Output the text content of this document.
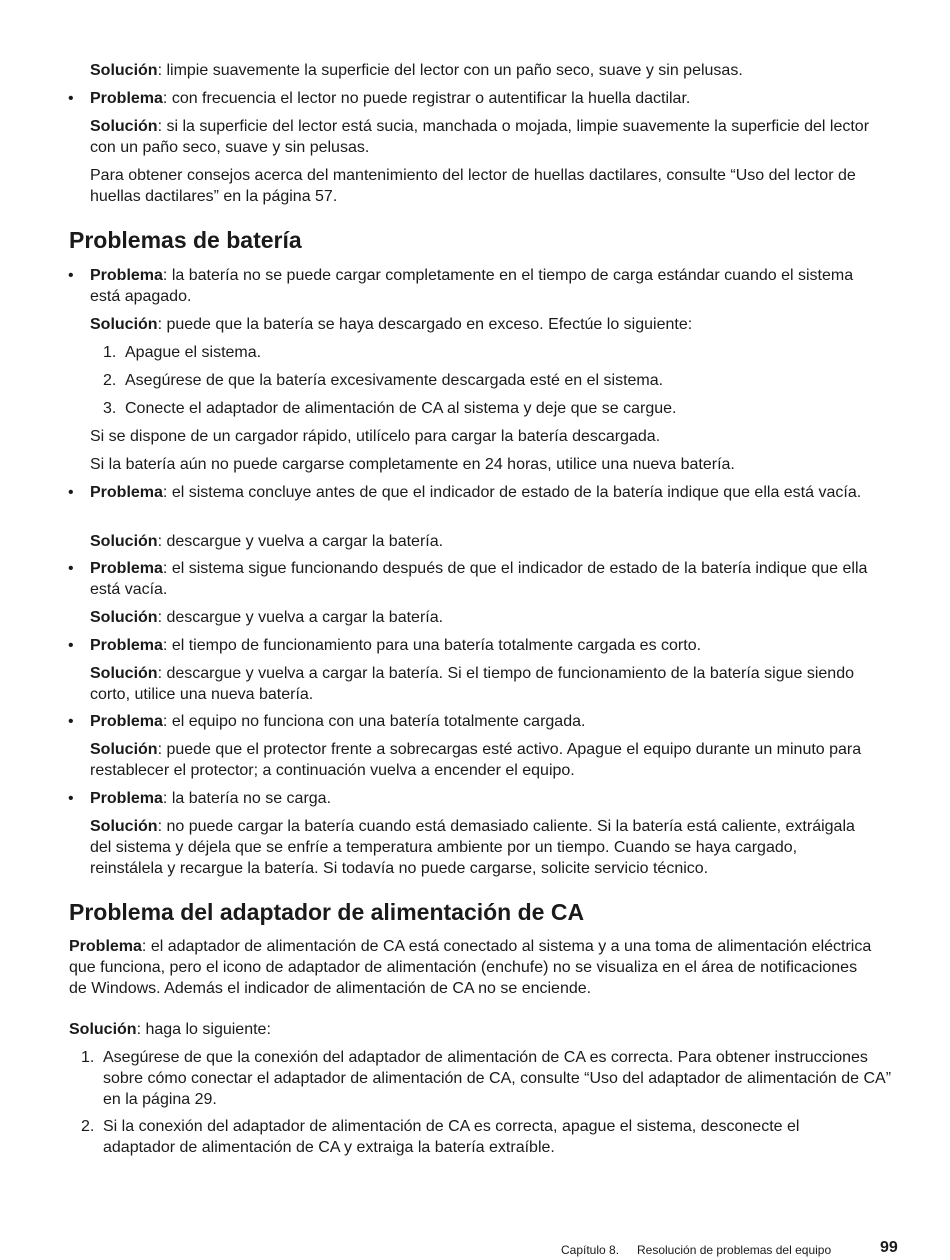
Solución: limpie suavemente la superficie del lector con un paño seco, suave y sin pelusas.

• Problema: con frecuencia el lector no puede registrar o autentificar la huella dactilar.

Solución: si la superficie del lector está sucia, manchada o mojada, limpie suavemente la superficie del lector con un paño seco, suave y sin pelusas.

Para obtener consejos acerca del mantenimiento del lector de huellas dactilares, consulte “Uso del lector de huellas dactilares” en la página 57.

Problemas de batería
• Problema: la batería no se puede cargar completamente en el tiempo de carga estándar cuando el sistema está apagado.

Solución: puede que la batería se haya descargado en exceso. Efectúe lo siguiente:

1. Apague el sistema.

2. Asegúrese de que la batería excesivamente descargada esté en el sistema.

3. Conecte el adaptador de alimentación de CA al sistema y deje que se cargue.

Si se dispone de un cargador rápido, utilícelo para cargar la batería descargada.

Si la batería aún no puede cargarse completamente en 24 horas, utilice una nueva batería.

• Problema: el sistema concluye antes de que el indicador de estado de la batería indique que ella está vacía.

Solución: descargue y vuelva a cargar la batería.

• Problema: el sistema sigue funcionando después de que el indicador de estado de la batería indique que ella está vacía.

Solución: descargue y vuelva a cargar la batería.

• Problema: el tiempo de funcionamiento para una batería totalmente cargada es corto.

Solución: descargue y vuelva a cargar la batería. Si el tiempo de funcionamiento de la batería sigue siendo corto, utilice una nueva batería.

• Problema: el equipo no funciona con una batería totalmente cargada.

Solución: puede que el protector frente a sobrecargas esté activo. Apague el equipo durante un minuto para restablecer el protector; a continuación vuelva a encender el equipo.

• Problema: la batería no se carga.

Solución: no puede cargar la batería cuando está demasiado caliente. Si la batería está caliente, extráigala del sistema y déjela que se enfríe a temperatura ambiente por un tiempo. Cuando se haya cargado, reinstálela y recargue la batería. Si todavía no puede cargarse, solicite servicio técnico.

Problema del adaptador de alimentación de CA

Problema: el adaptador de alimentación de CA está conectado al sistema y a una toma de alimentación eléctrica que funciona, pero el icono de adaptador de alimentación (enchufe) no se visualiza en el área de notificaciones de Windows. Además el indicador de alimentación de CA no se enciende.

Solución: haga lo siguiente:

1. Asegúrese de que la conexión del adaptador de alimentación de CA es correcta. Para obtener instrucciones sobre cómo conectar el adaptador de alimentación de CA, consulte “Uso del adaptador de alimentación de CA” en la página 29.

2. Si la conexión del adaptador de alimentación de CA es correcta, apague el sistema, desconecte el adaptador de alimentación de CA y extraiga la batería extraíble.

Capítulo 8. Resolución de problemas del equipo	99
